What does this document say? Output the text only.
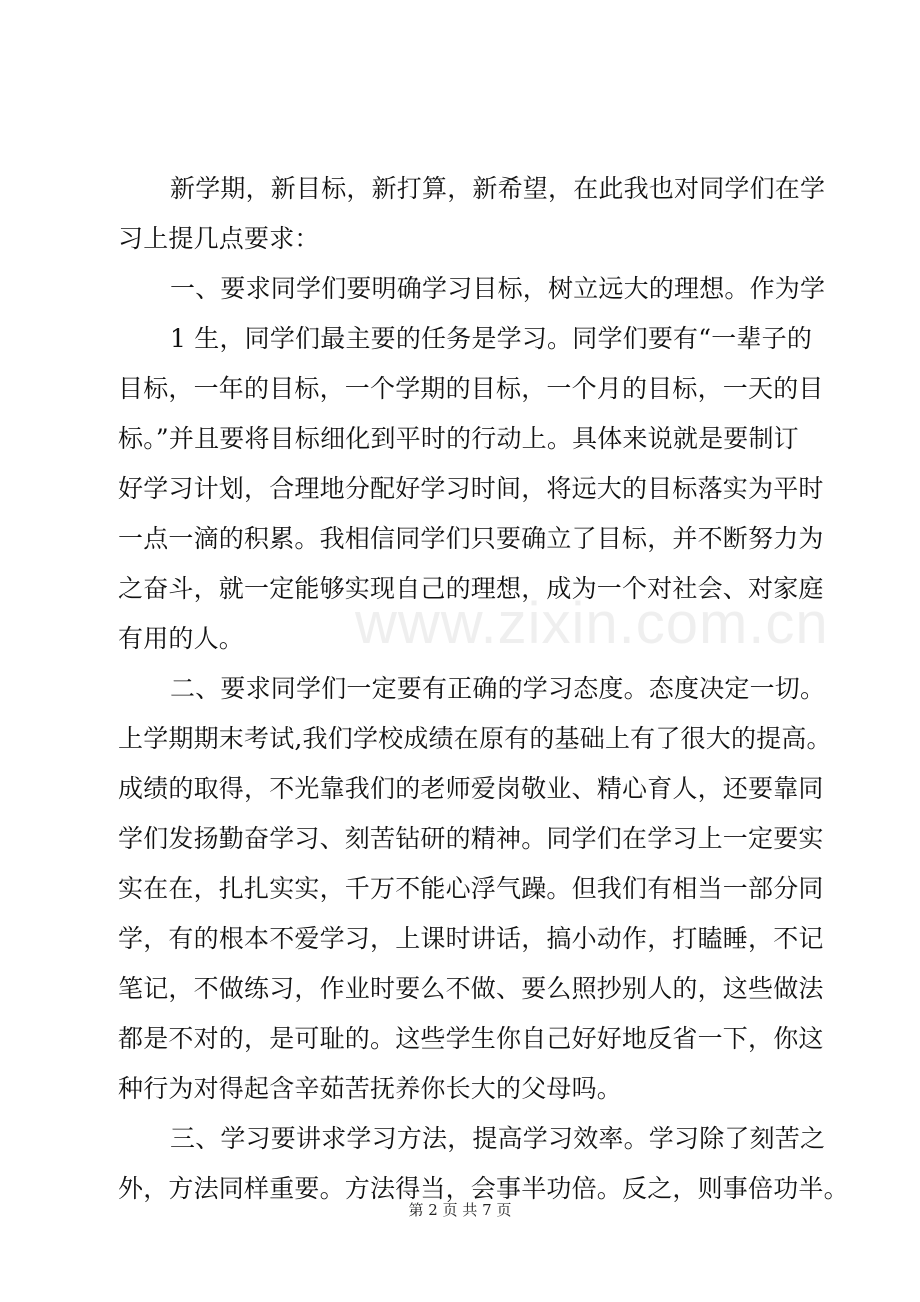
www.zixin.com.cn
新学期，新目标，新打算，新希望，在此我也对同学们在学
习上提几点要求：
一、要求同学们要明确学习目标，树立远大的理想。作为学
1 生，同学们最主要的任务是学习。同学们要有“一辈子的
目标，一年的目标，一个学期的目标，一个月的目标，一天的目
标。”并且要将目标细化到平时的行动上。具体来说就是要制订
好学习计划，合理地分配好学习时间，将远大的目标落实为平时
一点一滴的积累。我相信同学们只要确立了目标，并不断努力为
之奋斗，就一定能够实现自己的理想，成为一个对社会、对家庭
有用的人。
二、要求同学们一定要有正确的学习态度。态度决定一切。
上学期期末考试,我们学校成绩在原有的基础上有了很大的提高。
成绩的取得，不光靠我们的老师爱岗敬业、精心育人，还要靠同
学们发扬勤奋学习、刻苦钻研的精神。同学们在学习上一定要实
实在在，扎扎实实，千万不能心浮气躁。但我们有相当一部分同
学，有的根本不爱学习，上课时讲话，搞小动作，打瞌睡，不记
笔记，不做练习，作业时要么不做、要么照抄别人的，这些做法
都是不对的，是可耻的。这些学生你自己好好地反省一下，你这
种行为对得起含辛茹苦抚养你长大的父母吗。
三、学习要讲求学习方法，提高学习效率。学习除了刻苦之
外，方法同样重要。方法得当，会事半功倍。反之，则事倍功半。
第 2 页 共 7 页
